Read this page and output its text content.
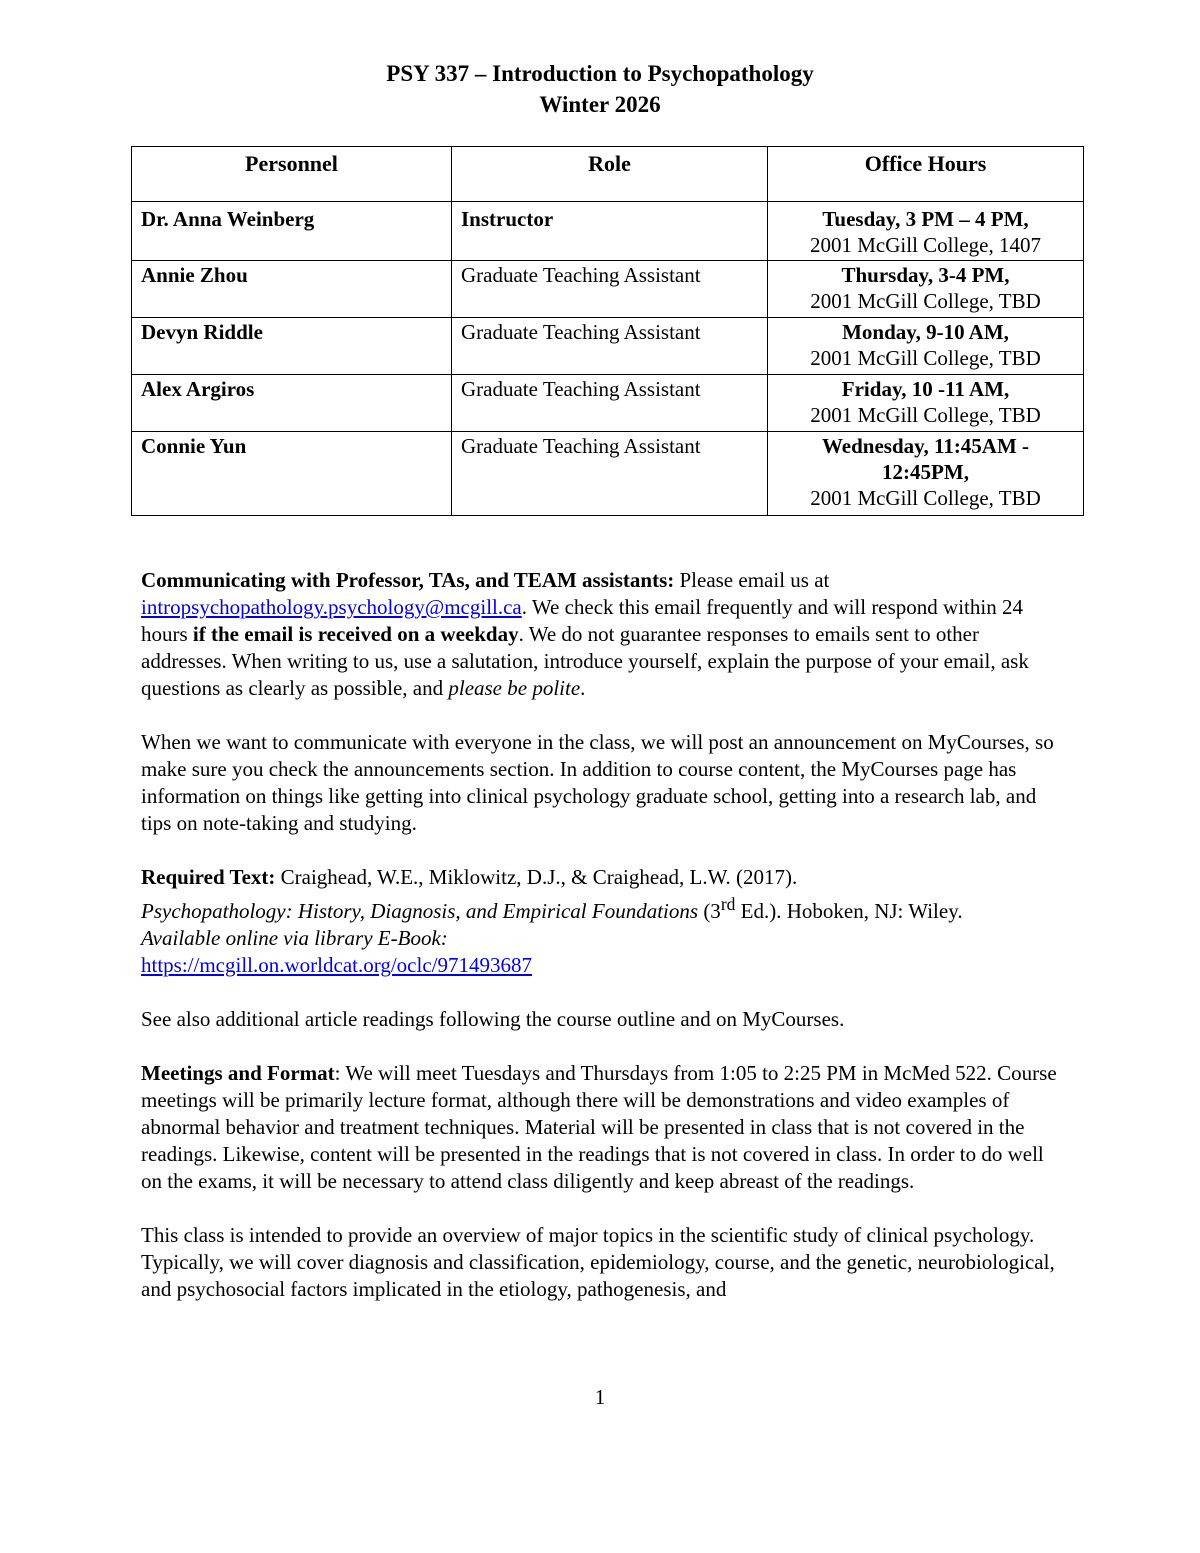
PSY 337 – Introduction to Psychopathology
Winter 2026
Personnel	Role	Office Hours
Dr. Anna Weinberg	Instructor	Tuesday, 3 PM – 4 PM,
2001 McGill College, 1407

Annie Zhou	Graduate Teaching Assistant	Thursday, 3-4 PM,
2001 McGill College, TBD

Devyn Riddle	Graduate Teaching Assistant	Monday, 9-10 AM,
2001 McGill College, TBD

Alex Argiros	Graduate Teaching Assistant	Friday, 10 -11 AM,
2001 McGill College, TBD

Connie Yun	Graduate Teaching Assistant	Wednesday, 11:45AM - 12:45PM,
2001 McGill College, TBD

Communicating with Professor, TAs, and TEAM assistants: Please email us at intropsychopathology.psychology@mcgill.ca. We check this email frequently and will respond within 24 hours if the email is received on a weekday. We do not guarantee responses to emails sent to other addresses. When writing to us, use a salutation, introduce yourself, explain the purpose of your email, ask questions as clearly as possible, and please be polite.

When we want to communicate with everyone in the class, we will post an announcement on MyCourses, so make sure you check the announcements section. In addition to course content, the MyCourses page has information on things like getting into clinical psychology graduate school, getting into a research lab, and tips on note-taking and studying.

Required Text: Craighead, W.E., Miklowitz, D.J., & Craighead, L.W. (2017).
Psychopathology: History, Diagnosis, and Empirical Foundations (3rd Ed.). Hoboken, NJ: Wiley.
Available online via library E-Book:
https://mcgill.on.worldcat.org/oclc/971493687

See also additional article readings following the course outline and on MyCourses.

Meetings and Format: We will meet Tuesdays and Thursdays from 1:05 to 2:25 PM in McMed 522. Course meetings will be primarily lecture format, although there will be demonstrations and video examples of abnormal behavior and treatment techniques. Material will be presented in class that is not covered in the readings. Likewise, content will be presented in the readings that is not covered in class. In order to do well on the exams, it will be necessary to attend class diligently and keep abreast of the readings.

This class is intended to provide an overview of major topics in the scientific study of clinical psychology. Typically, we will cover diagnosis and classification, epidemiology, course, and the genetic, neurobiological, and psychosocial factors implicated in the etiology, pathogenesis, and

1
